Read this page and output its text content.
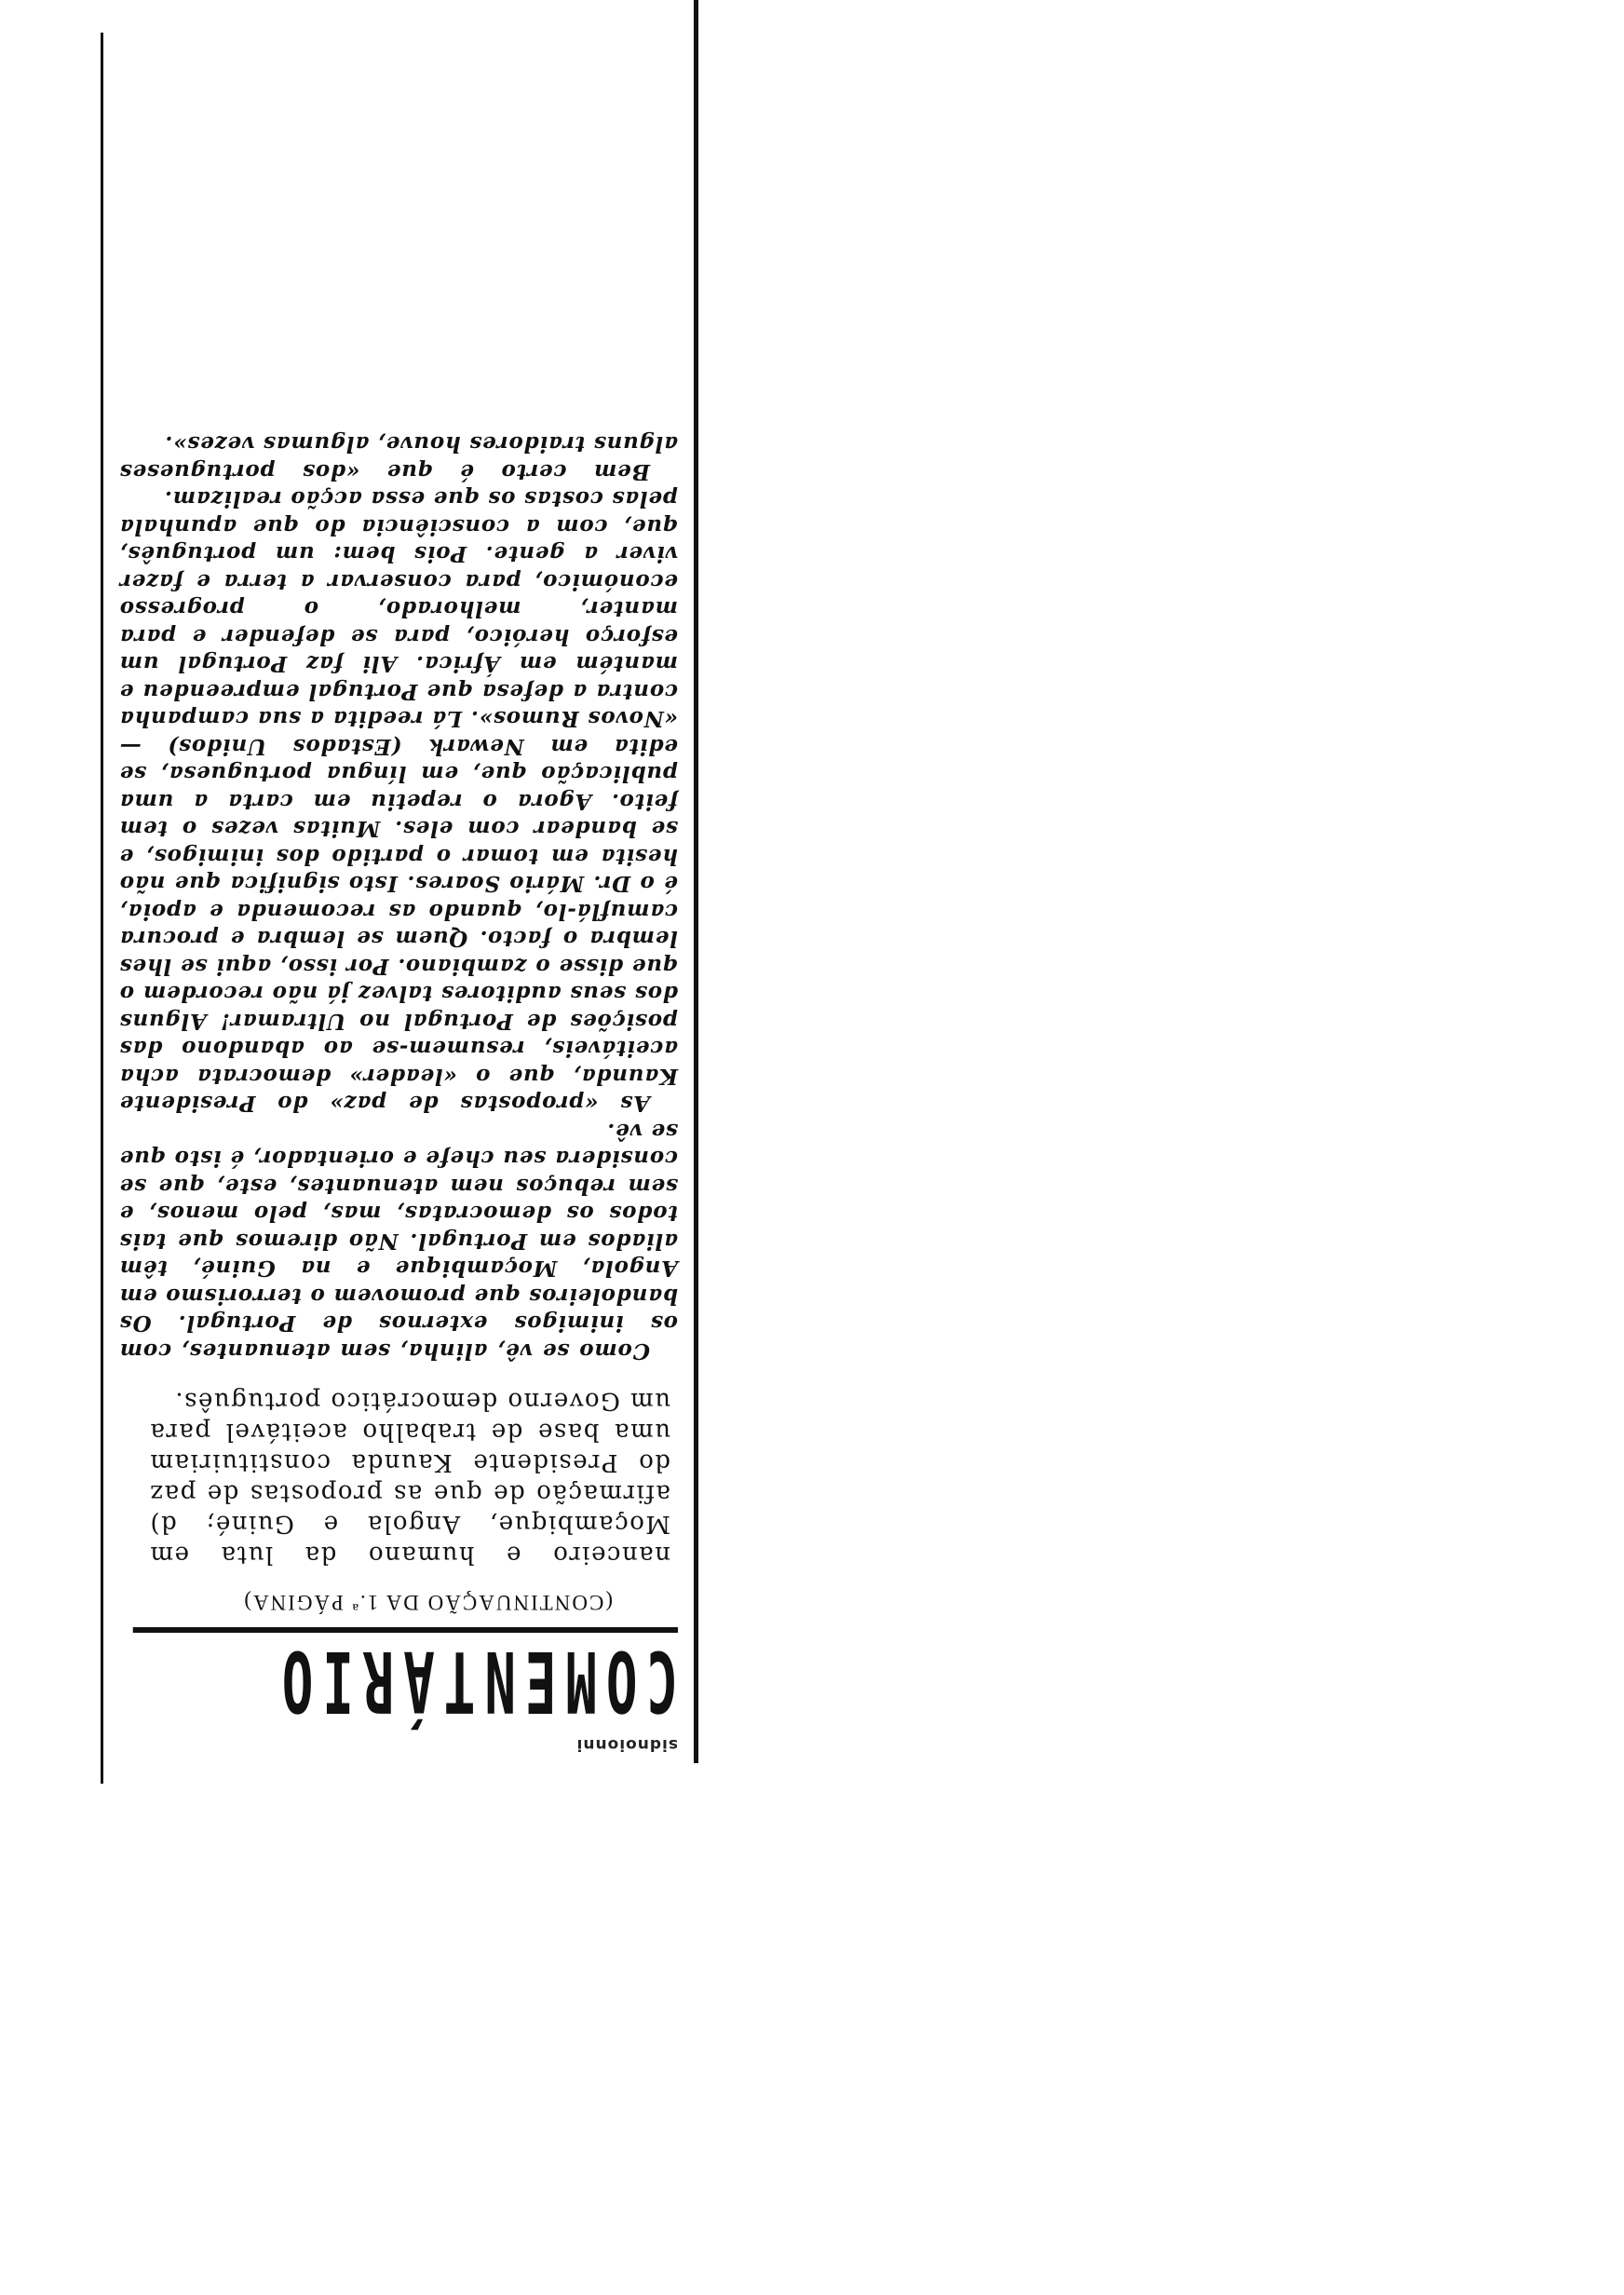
sidnoionni
COMENTÁRIO
(CONTINUAÇÃO DA 1.ª PÁGINA)

nanceiro e humano da luta em Moçambique, Angola e Guiné; d) afirmação de que as propostas de paz do Presidente Kaunda constituiriam uma base de trabalho aceitável para um Governo democrático português.

Como se vê, alinha, sem atenuantes, com os inimigos externos de Portugal. Os bandoleiros que promovem o terrorismo em Angola, Moçambique e na Guiné, têm aliados em Portugal. Não diremos que tais todos os democratas, mas, pelo menos, e sem rebuços nem atenuantes, este, que se considera seu chefe e orientador, é isto que se vê.

As «propostas de paz» do Presidente Kaunda, que o «leader» democrata acha aceitáveis, resumem-se ao abandono das posições de Portugal no Ultramar! Alguns dos seus auditores talvez já não recordem o que disse o zambiano. Por isso, aqui se lhes lembra o facto. Quem se lembra e procura camuflá-lo, quando as recomenda e apoia, é o Dr. Mário Soares. Isto significa que não hesita em tomar o partido dos inimigos, e se bandear com eles. Muitas vezes o tem feito. Agora o repetiu em carta a uma publicação que, em língua portuguesa, se edita em Newark (Estados Unidos) — «Novos Rumos». Lá reedita a sua campanha contra a defesa que Portugal empreendeu e mantém em África. Ali faz Portugal um esforço heróico, para se defender e para manter, melhorado, o progresso económico, para conservar a terra e fazer viver a gente. Pois bem: um português, que, com a consciência do que apunhala pelas costas os que essa acção realizam.

Bem certo é que «dos portugueses alguns traidores houve, algumas vezes».
